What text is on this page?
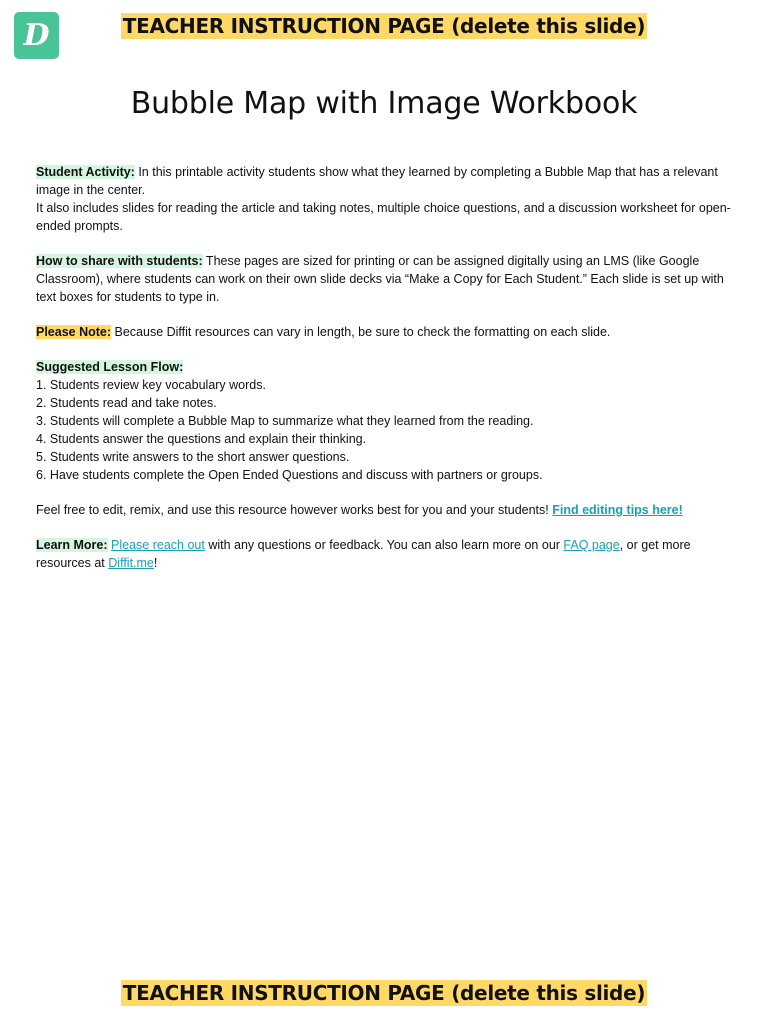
D	TEACHER INSTRUCTION PAGE (delete this slide)
Bubble Map with Image Workbook

Student Activity: In this printable activity students show what they learned by completing a Bubble Map that has a relevant image in the center.
It also includes slides for reading the article and taking notes, multiple choice questions, and a discussion worksheet for open-ended prompts.

How to share with students: These pages are sized for printing or can be assigned digitally using an LMS (like Google Classroom), where students can work on their own slide decks via “Make a Copy for Each Student.” Each slide is set up with text boxes for students to type in.

Please Note: Because Diffit resources can vary in length, be sure to check the formatting on each slide.

Suggested Lesson Flow:
1. Students review key vocabulary words.
2. Students read and take notes.
3. Students will complete a Bubble Map to summarize what they learned from the reading.
4. Students answer the questions and explain their thinking.
5. Students write answers to the short answer questions.
6. Have students complete the Open Ended Questions and discuss with partners or groups.

Feel free to edit, remix, and use this resource however works best for you and your students! Find editing tips here!

Learn More: Please reach out with any questions or feedback. You can also learn more on our FAQ page, or get more resources at Diffit.me!

TEACHER INSTRUCTION PAGE (delete this slide)
